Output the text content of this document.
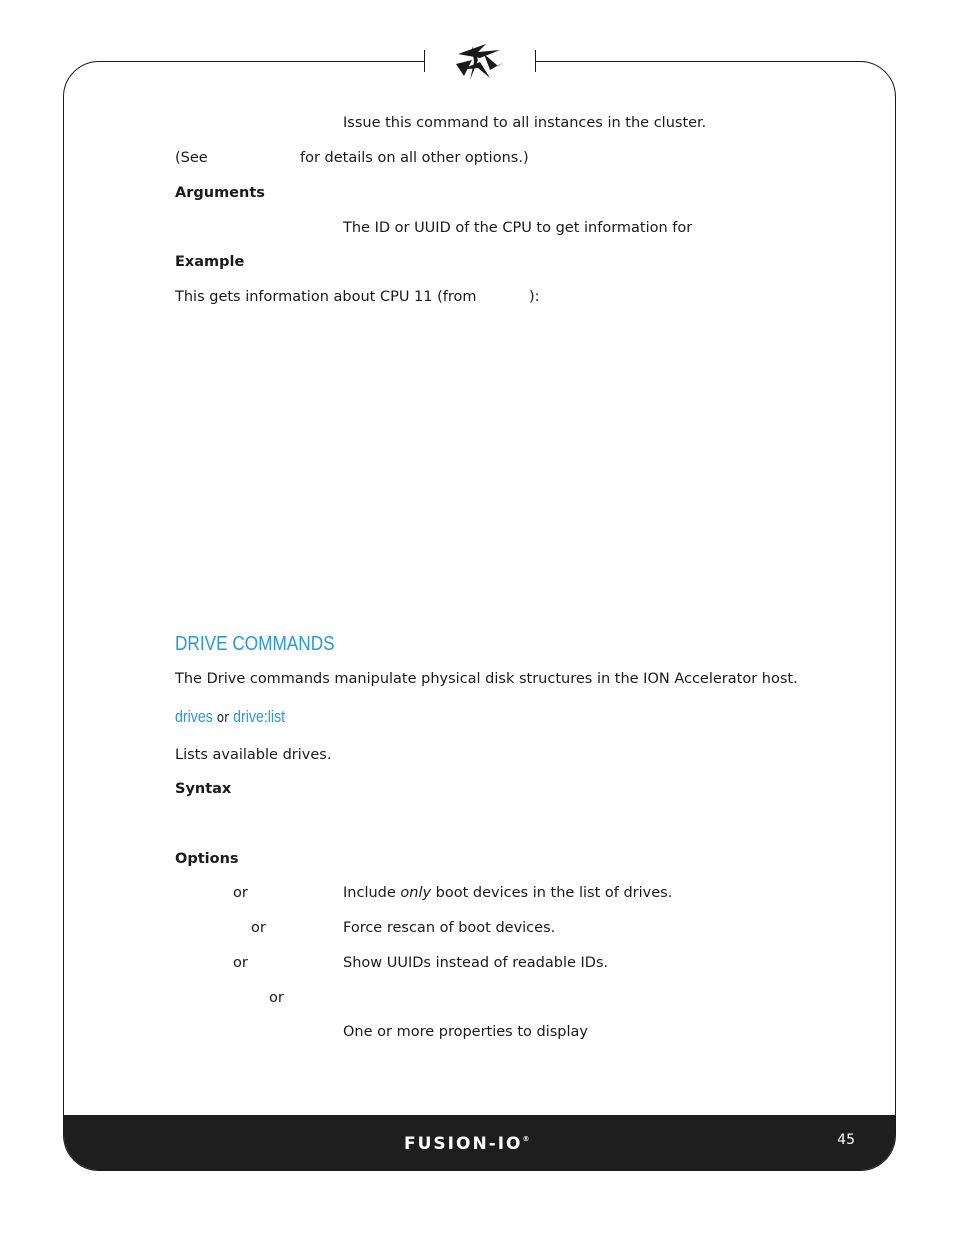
FUSION-IO®	45
Issue this command to all instances in the cluster.
(See	for details on all other options.)
Arguments
The ID or UUID of the CPU to get information for
Example
This gets information about CPU 11 (from	):
DRIVE COMMANDS
The Drive commands manipulate physical disk structures in the ION Accelerator host.
drives or drive:list
Lists available drives.
Syntax
Options
or	Include only boot devices in the list of drives.
or	Force rescan of boot devices.
or	Show UUIDs instead of readable IDs.
or
One or more properties to display
